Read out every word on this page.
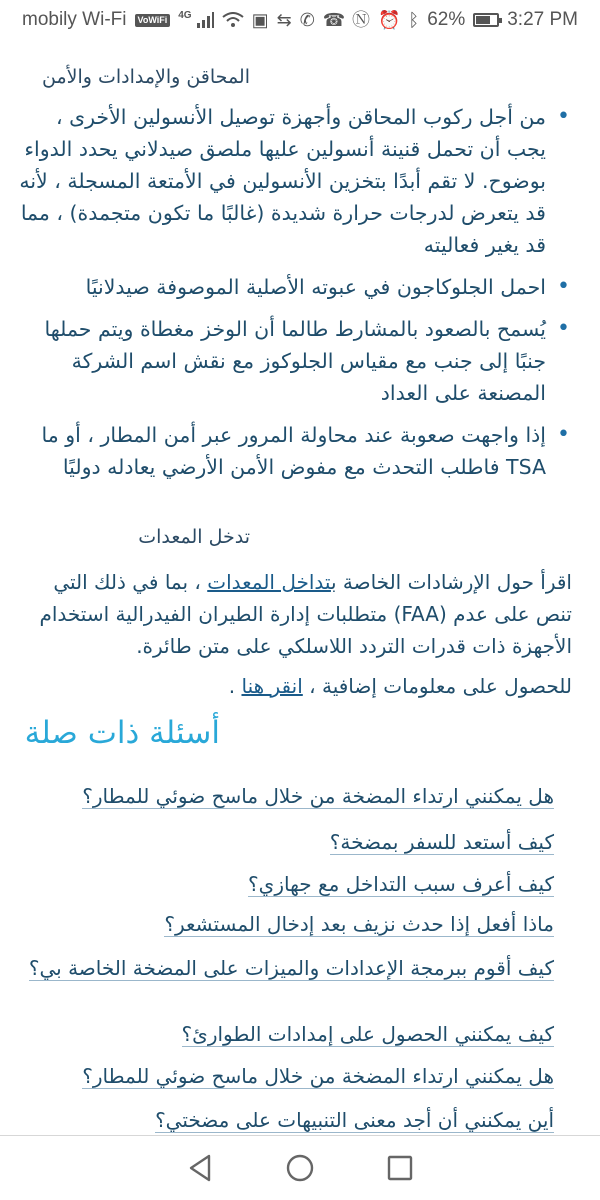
mobily Wi-Fi	VoWiFi	4G	▣ ⇆ ✆ ☎ Ⓝ ⏰ ᛒ 62% 3:27 PM
المحاقن والإمدادات والأمن
• من أجل ركوب المحاقن وأجهزة توصيل الأنسولين الأخرى ، يجب أن تحمل قنينة أنسولين عليها ملصق صيدلاني يحدد الدواء بوضوح. لا تقم أبدًا بتخزين الأنسولين في الأمتعة المسجلة ، لأنه قد يتعرض لدرجات حرارة شديدة (غالبًا ما تكون متجمدة) ، مما قد يغير فعاليته
• احمل الجلوكاجون في عبوته الأصلية الموصوفة صيدلانيًا
• يُسمح بالصعود بالمشارط طالما أن الوخز مغطاة ويتم حملها جنبًا إلى جنب مع مقياس الجلوكوز مع نقش اسم الشركة المصنعة على العداد
• إذا واجهت صعوبة عند محاولة المرور عبر أمن المطار ، أو ما TSA فاطلب التحدث مع مفوض الأمن الأرضي يعادله دوليًا
تدخل المعدات
اقرأ حول الإرشادات الخاصة بتداخل المعدات ، بما في ذلك التي تنص على عدم (FAA) متطلبات إدارة الطيران الفيدرالية استخدام الأجهزة ذات قدرات التردد اللاسلكي على متن طائرة.
للحصول على معلومات إضافية ، انقر هنا .
أسئلة ذات صلة
هل يمكنني ارتداء المضخة من خلال ماسح ضوئي للمطار؟
كيف أستعد للسفر بمضخة؟
كيف أعرف سبب التداخل مع جهازي؟
ماذا أفعل إذا حدث نزيف بعد إدخال المستشعر؟
كيف أقوم ببرمجة الإعدادات والميزات على المضخة الخاصة بي؟
كيف يمكنني الحصول على إمدادات الطوارئ؟
هل يمكنني ارتداء المضخة من خلال ماسح ضوئي للمطار؟
أين يمكنني أن أجد معنى التنبيهات على مضختي؟
